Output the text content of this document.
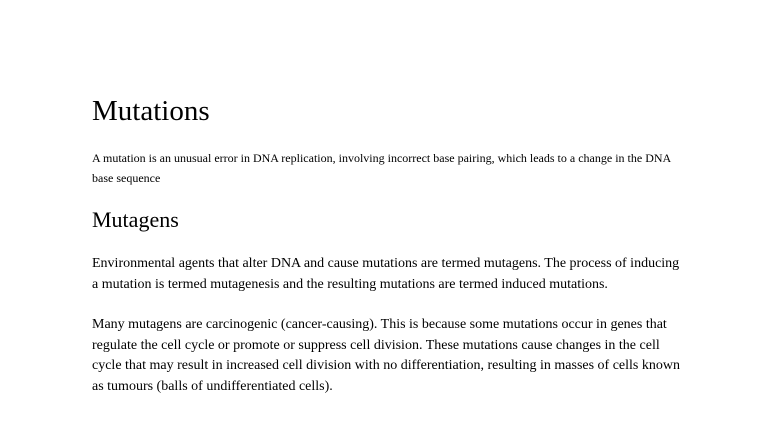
Mutations

A mutation is an unusual error in DNA replication, involving incorrect base pairing, which leads to a change in the DNA base sequence

Mutagens

Environmental agents that alter DNA and cause mutations are termed mutagens. The process of inducing a mutation is termed mutagenesis and the resulting mutations are termed induced mutations.

Many mutagens are carcinogenic (cancer-causing). This is because some mutations occur in genes that regulate the cell cycle or promote or suppress cell division. These mutations cause changes in the cell cycle that may result in increased cell division with no differentiation, resulting in masses of cells known as tumours (balls of undifferentiated cells).
